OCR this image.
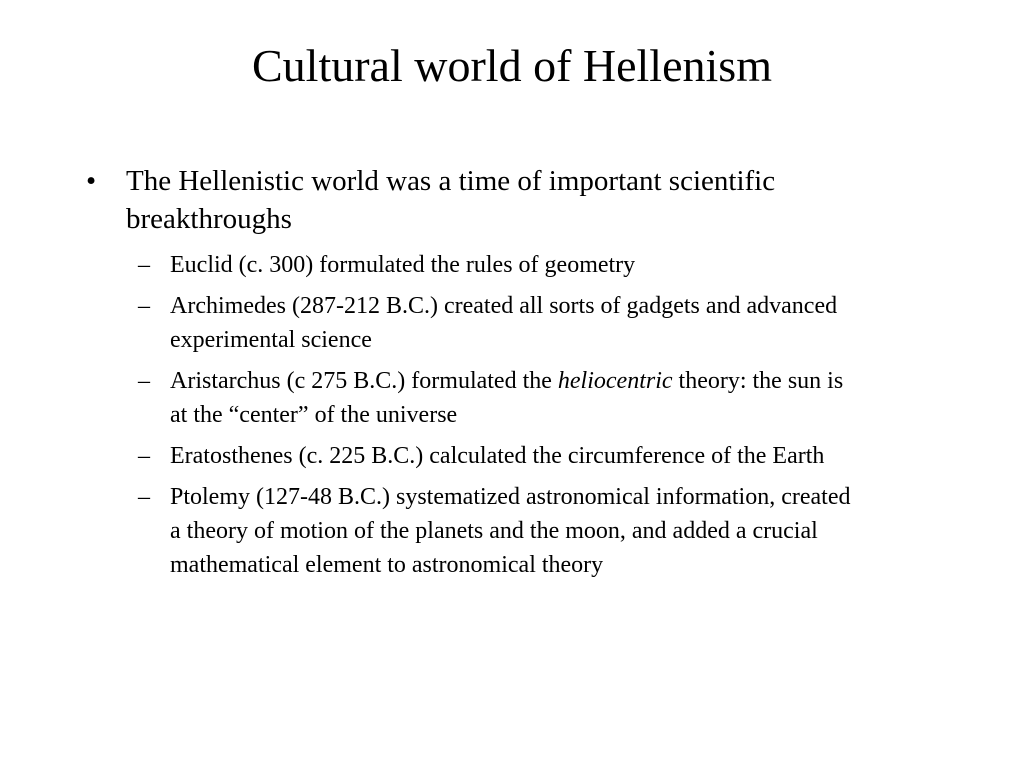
Cultural world of Hellenism
•	The Hellenistic world was a time of important scientific breakthroughs
– Euclid (c. 300) formulated the rules of geometry
– Archimedes (287-212 B.C.) created all sorts of gadgets and advanced experimental science
– Aristarchus (c 275 B.C.) formulated the heliocentric theory: the sun is at the “center” of the universe
– Eratosthenes (c. 225 B.C.) calculated the circumference of the Earth
– Ptolemy (127-48 B.C.) systematized astronomical information, created a theory of motion of the planets and the moon, and added a crucial mathematical element to astronomical theory
